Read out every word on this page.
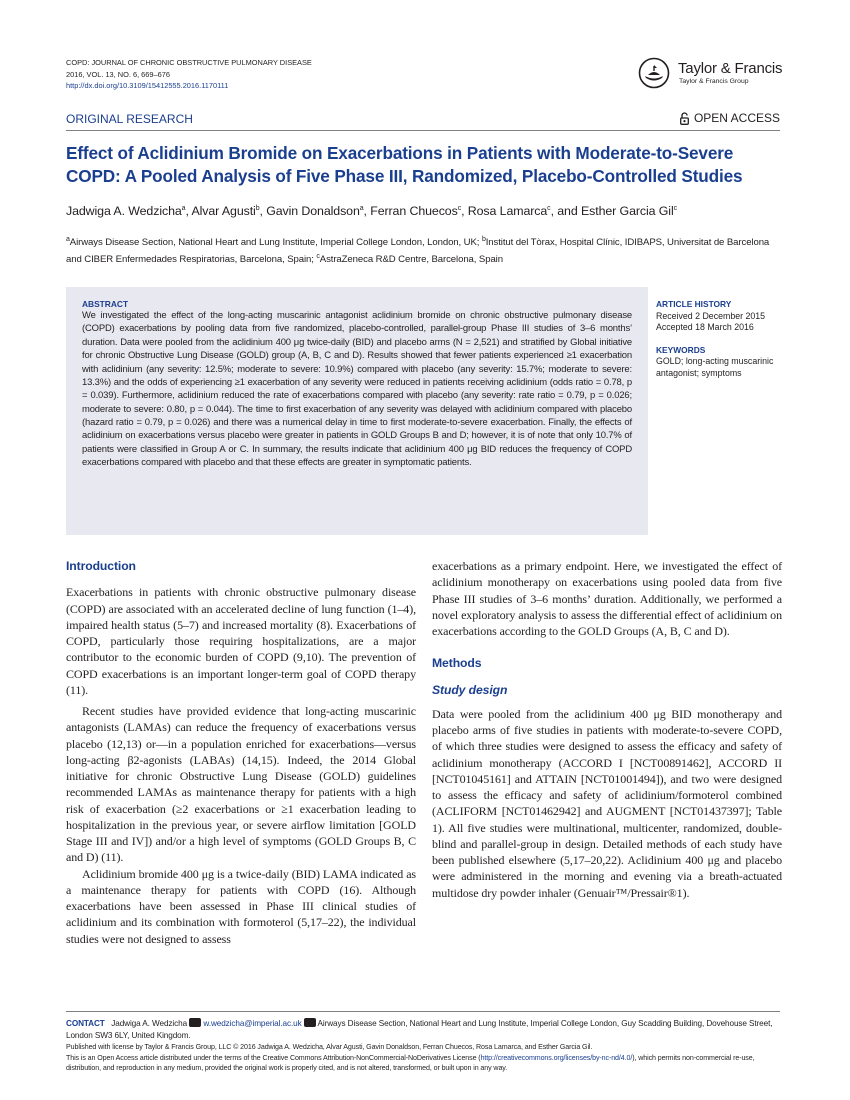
COPD: JOURNAL OF CHRONIC OBSTRUCTIVE PULMONARY DISEASE
2016, VOL. 13, NO. 6, 669–676
http://dx.doi.org/10.3109/15412555.2016.1170111
Taylor & Francis
Taylor & Francis Group
ORIGINAL RESEARCH	OPEN ACCESS
Effect of Aclidinium Bromide on Exacerbations in Patients with Moderate-to-Severe COPD: A Pooled Analysis of Five Phase III, Randomized, Placebo-Controlled Studies
Jadwiga A. Wedzicha$^a$, Alvar Agusti$^b$, Gavin Donaldson$^a$, Ferran Chuecos$^c$, Rosa Lamarca$^c$, and Esther Garcia Gil$^c$
$^a$Airways Disease Section, National Heart and Lung Institute, Imperial College London, London, UK; $^b$Institut del Tòrax, Hospital Clínic, IDIBAPS, Universitat de Barcelona and CIBER Enfermedades Respiratorias, Barcelona, Spain; $^c$AstraZeneca R&D Centre, Barcelona, Spain
ABSTRACT

We investigated the effect of the long-acting muscarinic antagonist aclidinium bromide on chronic obstructive pulmonary disease (COPD) exacerbations by pooling data from five randomized, placebo-controlled, parallel-group Phase III studies of 3–6 months’ duration. Data were pooled from the aclidinium 400 μg twice-daily (BID) and placebo arms (N = 2,521) and stratified by Global initiative for chronic Obstructive Lung Disease (GOLD) group (A, B, C and D). Results showed that fewer patients experienced ≥1 exacerbation with aclidinium (any severity: 12.5%; moderate to severe: 10.9%) compared with placebo (any severity: 15.7%; moderate to severe: 13.3%) and the odds of experiencing ≥1 exacerbation of any severity were reduced in patients receiving aclidinium (odds ratio = 0.78, p = 0.039). Furthermore, aclidinium reduced the rate of exacerbations compared with placebo (any severity: rate ratio = 0.79, p = 0.026; moderate to severe: 0.80, p = 0.044). The time to first exacerbation of any severity was delayed with aclidinium compared with placebo (hazard ratio = 0.79, p = 0.026) and there was a numerical delay in time to first moderate-to-severe exacerbation. Finally, the effects of aclidinium on exacerbations versus placebo were greater in patients in GOLD Groups B and D; however, it is of note that only 10.7% of patients were classified in Group A or C. In summary, the results indicate that aclidinium 400 μg BID reduces the frequency of COPD exacerbations compared with placebo and that these effects are greater in symptomatic patients.

ARTICLE HISTORY
Received 2 December 2015
Accepted 18 March 2016
KEYWORDS
GOLD; long-acting muscarinic antagonist; symptoms
Introduction

Exacerbations in patients with chronic obstructive pulmonary disease (COPD) are associated with an accelerated decline of lung function (1–4), impaired health status (5–7) and increased mortality (8). Exacerbations of COPD, particularly those requiring hospitalizations, are a major contributor to the economic burden of COPD (9,10). The prevention of COPD exacerbations is an important longer-term goal of COPD therapy (11).

Recent studies have provided evidence that long-acting muscarinic antagonists (LAMAs) can reduce the frequency of exacerbations versus placebo (12,13) or—in a population enriched for exacerbations—versus long-acting β2-agonists (LABAs) (14,15). Indeed, the 2014 Global initiative for chronic Obstructive Lung Disease (GOLD) guidelines recommended LAMAs as maintenance therapy for patients with a high risk of exacerbation (≥2 exacerbations or ≥1 exacerbation leading to hospitalization in the previous year, or severe airflow limitation [GOLD Stage III and IV]) and/or a high level of symptoms (GOLD Groups B, C and D) (11).

Aclidinium bromide 400 μg is a twice-daily (BID) LAMA indicated as a maintenance therapy for patients with COPD (16). Although exacerbations have been assessed in Phase III clinical studies of aclidinium and its combination with formoterol (5,17–22), the individual studies were not designed to assess

exacerbations as a primary endpoint. Here, we investigated the effect of aclidinium monotherapy on exacerbations using pooled data from five Phase III studies of 3–6 months’ duration. Additionally, we performed a novel exploratory analysis to assess the differential effect of aclidinium on exacerbations according to the GOLD Groups (A, B, C and D).

Methods
Study design

Data were pooled from the aclidinium 400 μg BID monotherapy and placebo arms of five studies in patients with moderate-to-severe COPD, of which three studies were designed to assess the efficacy and safety of aclidinium monotherapy (ACCORD I [NCT00891462], ACCORD II [NCT01045161] and ATTAIN [NCT01001494]), and two were designed to assess the efficacy and safety of aclidinium/formoterol combined (ACLIFORM [NCT01462942] and AUGMENT [NCT01437397]; Table 1). All five studies were multinational, multicenter, randomized, double-blind and parallel-group in design. Detailed methods of each study have been published elsewhere (5,17–20,22). Aclidinium 400 μg and placebo were administered in the morning and evening via a breath-actuated multidose dry powder inhaler (Genuair™/Pressair®1).

CONTACT Jadwiga A. Wedzicha w.wedzicha@imperial.ac.uk Airways Disease Section, National Heart and Lung Institute, Imperial College London, Guy Scadding Building, Dovehouse Street, London SW3 6LY, United Kingdom.
Published with license by Taylor & Francis Group, LLC © 2016 Jadwiga A. Wedzicha, Alvar Agusti, Gavin Donaldson, Ferran Chuecos, Rosa Lamarca, and Esther Garcia Gil.
This is an Open Access article distributed under the terms of the Creative Commons Attribution-NonCommercial-NoDerivatives License (http://creativecommons.org/licenses/by-nc-nd/4.0/), which permits non-commercial re-use, distribution, and reproduction in any medium, provided the original work is properly cited, and is not altered, transformed, or built upon in any way.
